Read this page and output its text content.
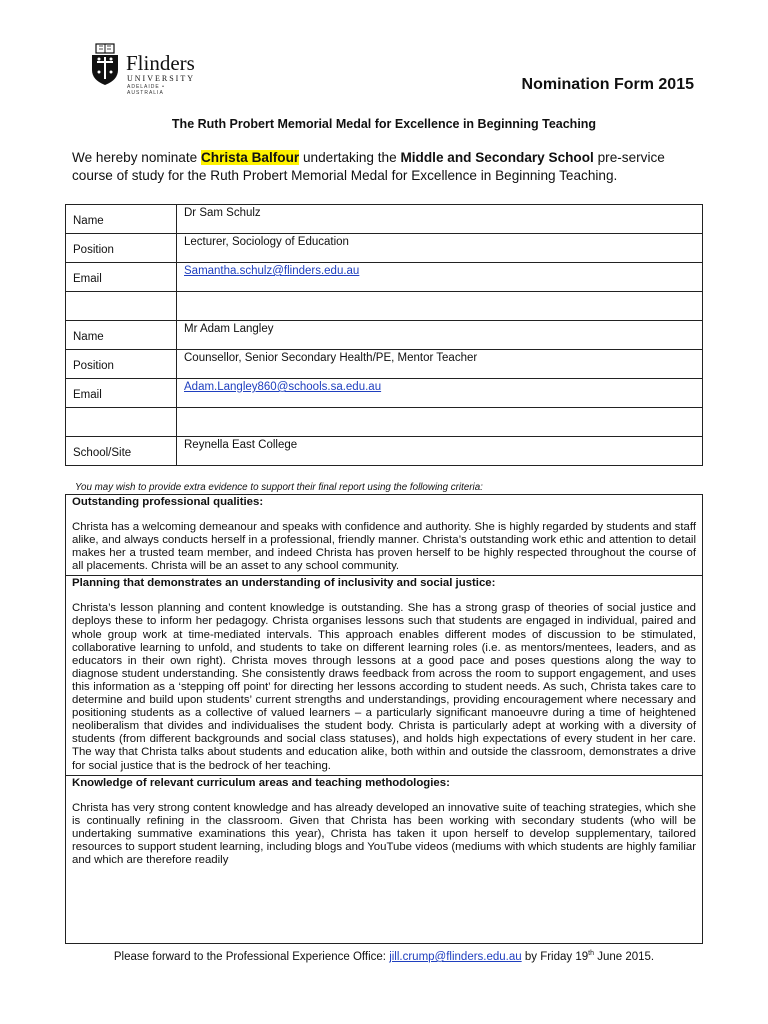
Flinders
UNIVERSITY
ADELAIDE • AUSTRALIA	Nomination Form 2015
The Ruth Probert Memorial Medal for Excellence in Beginning Teaching
We hereby nominate Christa Balfour undertaking the Middle and Secondary School pre-service course of study for the Ruth Probert Memorial Medal for Excellence in Beginning Teaching.
Name	Dr Sam Schulz
Position	Lecturer, Sociology of Education
Email	Samantha.schulz@flinders.edu.au

Name	Mr Adam Langley
Position	Counsellor, Senior Secondary Health/PE, Mentor Teacher
Email	Adam.Langley860@schools.sa.edu.au

School/Site	Reynella East College
You may wish to provide extra evidence to support their final report using the following criteria:
Outstanding professional qualities:

Christa has a welcoming demeanour and speaks with confidence and authority. She is highly regarded by students and staff alike, and always conducts herself in a professional, friendly manner. Christa’s outstanding work ethic and attention to detail makes her a trusted team member, and indeed Christa has proven herself to be highly respected throughout the course of all placements. Christa will be an asset to any school community.

Planning that demonstrates an understanding of inclusivity and social justice:

Christa’s lesson planning and content knowledge is outstanding. She has a strong grasp of theories of social justice and deploys these to inform her pedagogy. Christa organises lessons such that students are engaged in individual, paired and whole group work at time-mediated intervals. This approach enables different modes of discussion to be stimulated, collaborative learning to unfold, and students to take on different learning roles (i.e. as mentors/mentees, leaders, and as educators in their own right). Christa moves through lessons at a good pace and poses questions along the way to diagnose student understanding. She consistently draws feedback from across the room to support engagement, and uses this information as a ‘stepping off point’ for directing her lessons according to student needs. As such, Christa takes care to determine and build upon students’ current strengths and understandings, providing encouragement where necessary and positioning students as a collective of valued learners – a particularly significant manoeuvre during a time of heightened neoliberalism that divides and individualises the student body. Christa is particularly adept at working with a diversity of students (from different backgrounds and social class statuses), and holds high expectations of every student in her care. The way that Christa talks about students and education alike, both within and outside the classroom, demonstrates a drive for social justice that is the bedrock of her teaching.

Knowledge of relevant curriculum areas and teaching methodologies:

Christa has very strong content knowledge and has already developed an innovative suite of teaching strategies, which she is continually refining in the classroom. Given that Christa has been working with secondary students (who will be undertaking summative examinations this year), Christa has taken it upon herself to develop supplementary, tailored resources to support student learning, including blogs and YouTube videos (mediums with which students are highly familiar and which are therefore readily

Please forward to the Professional Experience Office: jill.crump@flinders.edu.au by Friday 19th June 2015.
